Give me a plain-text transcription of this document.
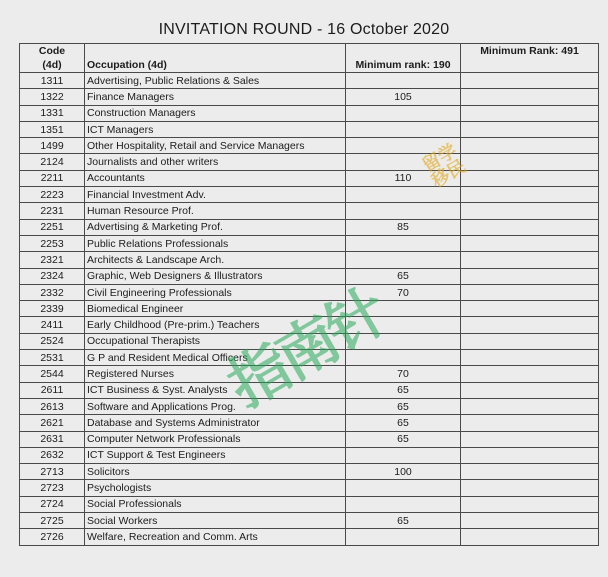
INVITATION ROUND - 16 October 2020
Code
(4d)	Occupation (4d)	Minimum rank: 190	Minimum Rank: 491
1311	Advertising, Public Relations & Sales		
1322	Finance Managers	105	
1331	Construction Managers		
1351	ICT Managers		
1499	Other Hospitality, Retail and Service Managers		
2124	Journalists and other writers		
2211	Accountants	110	
2223	Financial Investment Adv.		
2231	Human Resource Prof.		
2251	Advertising & Marketing Prof.	85	
2253	Public Relations Professionals		
2321	Architects & Landscape Arch.		
2324	Graphic, Web Designers & Illustrators	65	
2332	Civil Engineering Professionals	70	
2339	Biomedical Engineer		
2411	Early Childhood (Pre-prim.) Teachers		
2524	Occupational Therapists		
2531	G P and Resident Medical Officers		
2544	Registered Nurses	70	
2611	ICT Business & Syst. Analysts	65	
2613	Software and Applications Prog.	65	
2621	Database and Systems Administrator	65	
2631	Computer Network Professionals	65	
2632	ICT Support & Test Engineers		
2713	Solicitors	100	
2723	Psychologists		
2724	Social Professionals		
2725	Social Workers	65	
2726	Welfare, Recreation and Comm. Arts		
指南针
留学移民
